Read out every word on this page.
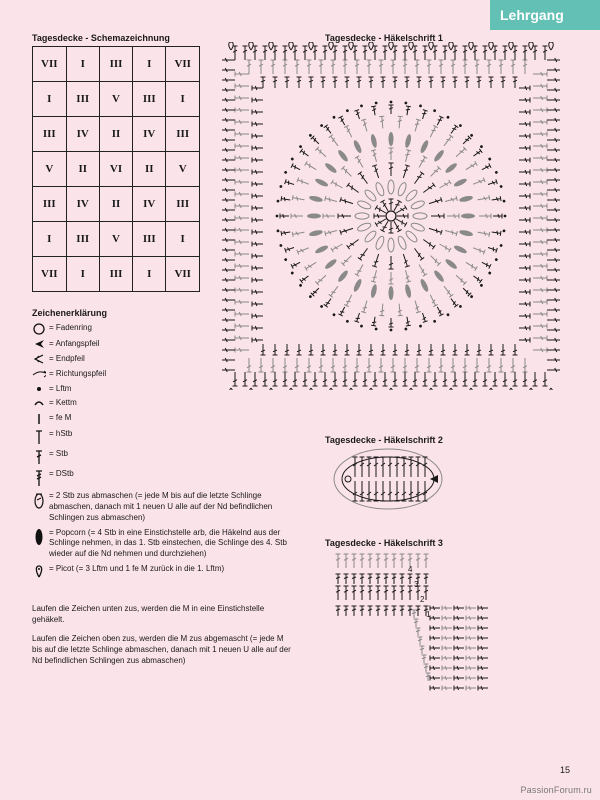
Lehrgang
Tagesdecke - Schemazeichnung
VII	I	III	I	VII
I	III	V	III	I
III	IV	II	IV	III
V	II	VI	II	V
III	IV	II	IV	III
I	III	V	III	I
VII	I	III	I	VII
Zeichenerklärung
= Fadenring
= Anfangspfeil
= Endpfeil
= Richtungspfeil
= Lftm
= Kettm
= fe M
= hStb
= Stb
= DStb
= 2 Stb zus abmaschen (= jede M bis auf die letzte Schlinge abmaschen, danach mit 1 neuen U alle auf der Nd befindlichen Schlingen zus abmaschen)
= Popcorn (= 4 Stb in eine Einstichstelle arb, die Häkelnd aus der Schlinge nehmen, in das 1. Stb einstechen, die Schlinge des 4. Stb wieder auf die Nd nehmen und durchziehen)
= Picot (= 3 Lftm und 1 fe M zurück in die 1. Lftm)
Laufen die Zeichen unten zus, werden die M in eine Einstichstelle gehäkelt.
Laufen die Zeichen oben zus, werden die M zus abgemascht (= jede M bis auf die letzte Schlinge abmaschen, danach mit 1 neuen U alle auf der Nd befindlichen Schlingen zus abmaschen)
Tagesdecke - Häkelschrift 1
Tagesdecke - Häkelschrift 2
Tagesdecke - Häkelschrift 3
4
3
2
1
15
PassionForum.ru
